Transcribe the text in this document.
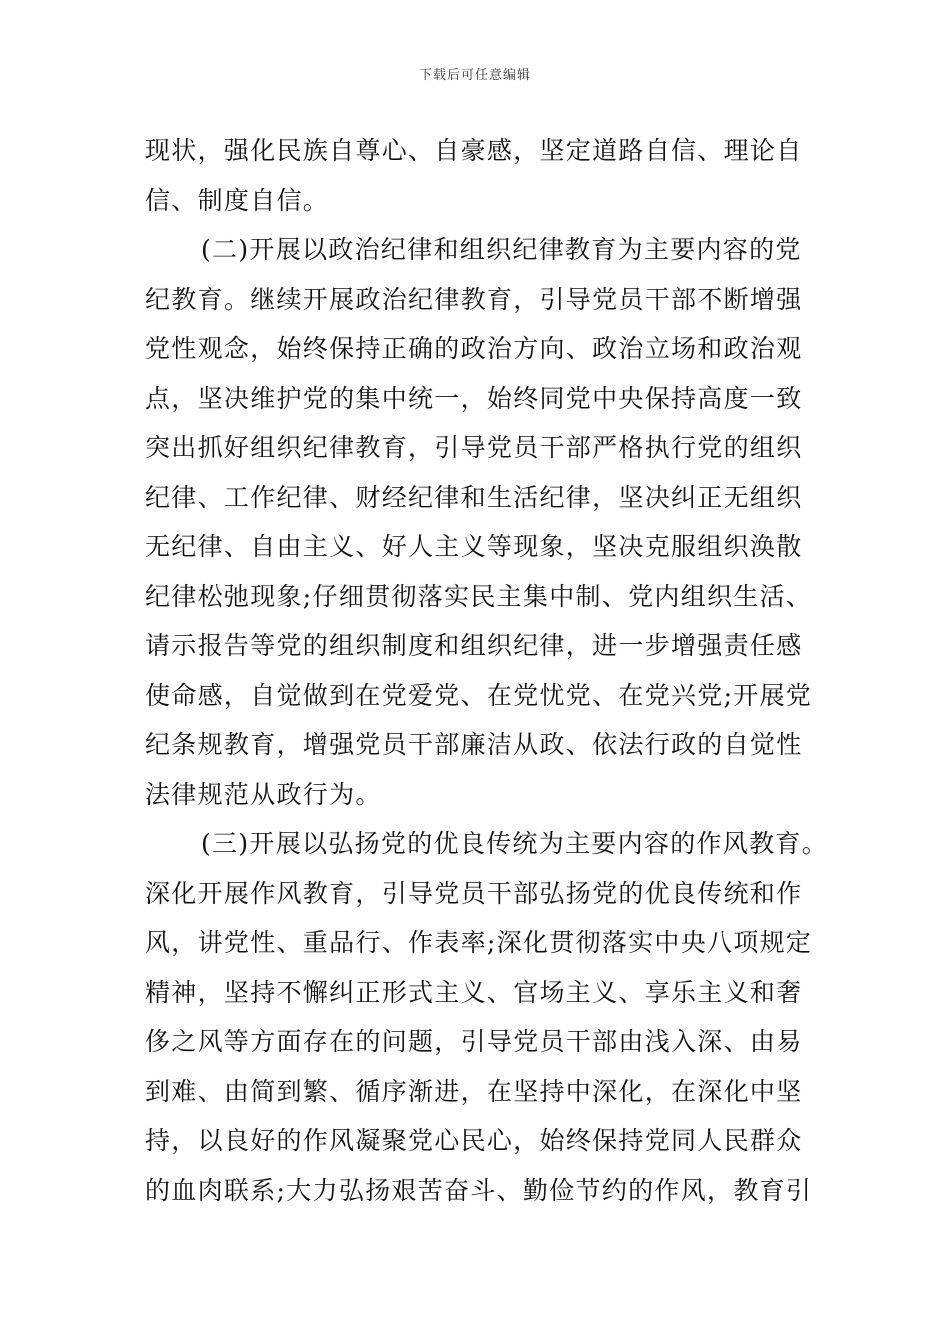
下载后可任意编辑
现状，强化民族自尊心、自豪感，坚定道路自信、理论自
信、制度自信。
(二)开展以政治纪律和组织纪律教育为主要内容的党
纪教育。继续开展政治纪律教育，引导党员干部不断增强
党性观念，始终保持正确的政治方向、政治立场和政治观
点，坚决维护党的集中统一，始终同党中央保持高度一致
突出抓好组织纪律教育，引导党员干部严格执行党的组织
纪律、工作纪律、财经纪律和生活纪律，坚决纠正无组织
无纪律、自由主义、好人主义等现象，坚决克服组织涣散
纪律松弛现象;仔细贯彻落实民主集中制、党内组织生活、
请示报告等党的组织制度和组织纪律，进一步增强责任感
使命感，自觉做到在党爱党、在党忧党、在党兴党;开展党
纪条规教育，增强党员干部廉洁从政、依法行政的自觉性
法律规范从政行为。
(三)开展以弘扬党的优良传统为主要内容的作风教育。
深化开展作风教育，引导党员干部弘扬党的优良传统和作
风，讲党性、重品行、作表率;深化贯彻落实中央八项规定
精神，坚持不懈纠正形式主义、官场主义、享乐主义和奢
侈之风等方面存在的问题，引导党员干部由浅入深、由易
到难、由简到繁、循序渐进，在坚持中深化，在深化中坚
持，以良好的作风凝聚党心民心，始终保持党同人民群众
的血肉联系;大力弘扬艰苦奋斗、勤俭节约的作风，教育引
